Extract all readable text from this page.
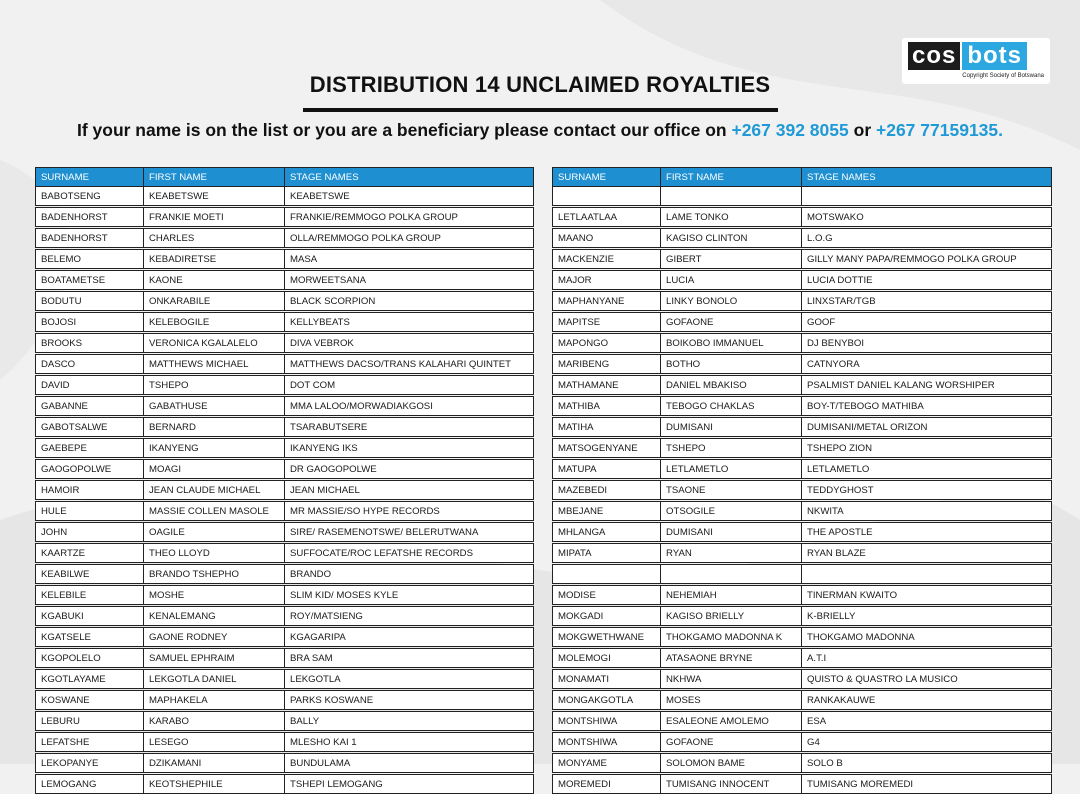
cos bots
Copyright Society of Botswana
DISTRIBUTION 14 UNCLAIMED ROYALTIES
If your name is on the list or you are a beneficiary please contact our office on +267 392 8055 or +267 77159135.
SURNAME	FIRST NAME	STAGE NAMES
BABOTSENG	KEABETSWE	KEABETSWE

BADENHORST	FRANKIE MOETI	FRANKIE/REMMOGO POLKA GROUP

BADENHORST	CHARLES	OLLA/REMMOGO POLKA GROUP

BELEMO	KEBADIRETSE	MASA

BOATAMETSE	KAONE	MORWEETSANA

BODUTU	ONKARABILE	BLACK SCORPION

BOJOSI	KELEBOGILE	KELLYBEATS

BROOKS	VERONICA KGALALELO	DIVA VEBROK

DASCO	MATTHEWS MICHAEL	MATTHEWS DACSO/TRANS KALAHARI QUINTET

DAVID	TSHEPO	DOT COM

GABANNE	GABATHUSE	MMA LALOO/MORWADIAKGOSI

GABOTSALWE	BERNARD	TSARABUTSERE

GAEBEPE	IKANYENG	IKANYENG IKS

GAOGOPOLWE	MOAGI	DR GAOGOPOLWE

HAMOIR	JEAN CLAUDE MICHAEL	JEAN MICHAEL

HULE	MASSIE COLLEN MASOLE	MR MASSIE/SO HYPE RECORDS

JOHN	OAGILE	SIRE/ RASEMENOTSWE/ BELERUTWANA

KAARTZE	THEO LLOYD	SUFFOCATE/ROC LEFATSHE RECORDS

KEABILWE	BRANDO TSHEPHO	BRANDO

KELEBILE	MOSHE	SLIM KID/ MOSES KYLE

KGABUKI	KENALEMANG	ROY/MATSIENG

KGATSELE	GAONE RODNEY	KGAGARIPA

KGOPOLELO	SAMUEL EPHRAIM	BRA SAM

KGOTLAYAME	LEKGOTLA DANIEL	LEKGOTLA

KOSWANE	MAPHAKELA	PARKS KOSWANE

LEBURU	KARABO	BALLY

LEFATSHE	LESEGO	MLESHO KAI 1

LEKOPANYE	DZIKAMANI	BUNDULAMA

LEMOGANG	KEOTSHEPHILE	TSHEPI LEMOGANG
SURNAME	FIRST NAME	STAGE NAMES

LETLAATLAA	LAME TONKO	MOTSWAKO

MAANO	KAGISO CLINTON	L.O.G

MACKENZIE	GIBERT	GILLY MANY PAPA/REMMOGO POLKA GROUP

MAJOR	LUCIA	LUCIA DOTTIE

MAPHANYANE	LINKY BONOLO	LINXSTAR/TGB

MAPITSE	GOFAONE	GOOF

MAPONGO	BOIKOBO IMMANUEL	DJ BENYBOI

MARIBENG	BOTHO	CATNYORA

MATHAMANE	DANIEL MBAKISO	PSALMIST DANIEL KALANG WORSHIPER

MATHIBA	TEBOGO CHAKLAS	BOY-T/TEBOGO MATHIBA

MATIHA	DUMISANI	DUMISANI/METAL ORIZON

MATSOGENYANE	TSHEPO	TSHEPO ZION

MATUPA	LETLAMETLO	LETLAMETLO

MAZEBEDI	TSAONE	TEDDYGHOST

MBEJANE	OTSOGILE	NKWITA

MHLANGA	DUMISANI	THE APOSTLE

MIPATA	RYAN	RYAN BLAZE

MODISE	NEHEMIAH	TINERMAN KWAITO

MOKGADI	KAGISO BRIELLY	K-BRIELLY

MOKGWETHWANE	THOKGAMO MADONNA K	THOKGAMO MADONNA

MOLEMOGI	ATASAONE BRYNE	A.T.I

MONAMATI	NKHWA	QUISTO & QUASTRO LA MUSICO

MONGAKGOTLA	MOSES	RANKAKAUWE

MONTSHIWA	ESALEONE AMOLEMO	ESA

MONTSHIWA	GOFAONE	G4

MONYAME	SOLOMON BAME	SOLO B

MOREMEDI	TUMISANG INNOCENT	TUMISANG MOREMEDI
